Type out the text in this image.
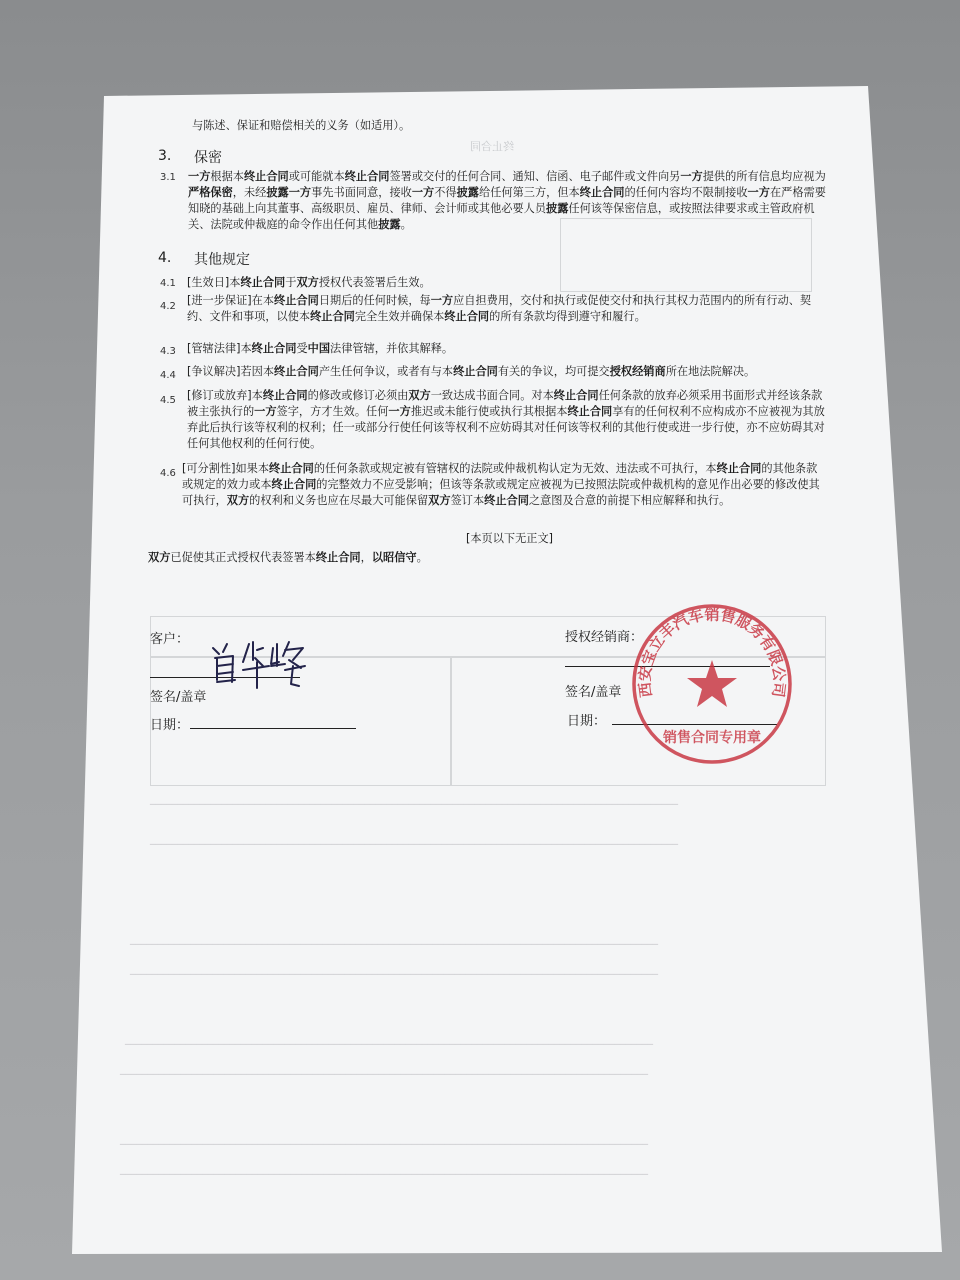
终止合同
________________________________________________________________________________________________
________________________________________________________________________________________________
________________________________________________________________________________________________
________________________________________________________________________________________________
________________________________________________________________________________________________
________________________________________________________________________________________________
________________________________________________________________________________________________
________________________________________________________________________________________________
与陈述、保证和赔偿相关的义务（如适用）。
3. 保密
3.1 一方根据本终止合同或可能就本终止合同签署或交付的任何合同、通知、信函、电子邮件或文件向另一方提供的所有信息均应视为
严格保密，未经披露一方事先书面同意，接收一方不得披露给任何第三方，但本终止合同的任何内容均不限制接收一方在严格需要
知晓的基础上向其董事、高级职员、雇员、律师、会计师或其他必要人员披露任何该等保密信息，或按照法律要求或主管政府机
关、法院或仲裁庭的命令作出任何其他披露。
4. 其他规定
4.1 [生效日]本终止合同于双方授权代表签署后生效。
4.2 [进一步保证]在本终止合同日期后的任何时候，每一方应自担费用，交付和执行或促使交付和执行其权力范围内的所有行动、契
约、文件和事项，以使本终止合同完全生效并确保本终止合同的所有条款均得到遵守和履行。
4.3 [管辖法律]本终止合同受中国法律管辖，并依其解释。
4.4 [争议解决]若因本终止合同产生任何争议，或者有与本终止合同有关的争议，均可提交授权经销商所在地法院解决。
4.5 [修订或放弃]本终止合同的修改或修订必须由双方一致达成书面合同。对本终止合同任何条款的放弃必须采用书面形式并经该条款
被主张执行的一方签字，方才生效。任何一方推迟或未能行使或执行其根据本终止合同享有的任何权利不应构成亦不应被视为其放
弃此后执行该等权利的权利；任一或部分行使任何该等权利不应妨碍其对任何该等权利的其他行使或进一步行使，亦不应妨碍其对
任何其他权利的任何行使。
4.6 [可分割性]如果本终止合同的任何条款或规定被有管辖权的法院或仲裁机构认定为无效、违法或不可执行，本终止合同的其他条款
或规定的效力或本终止合同的完整效力不应受影响；但该等条款或规定应被视为已按照法院或仲裁机构的意见作出必要的修改使其
可执行，双方的权利和义务也应在尽最大可能保留双方签订本终止合同之意图及合意的前提下相应解释和执行。
[本页以下无正文]
双方已促使其正式授权代表签署本终止合同，以昭信守。
客户：
签名/盖章
日期：
授权经销商：
签名/盖章
日期：
西安宝立丰汽车销售服务有限公司
销售合同专用章
